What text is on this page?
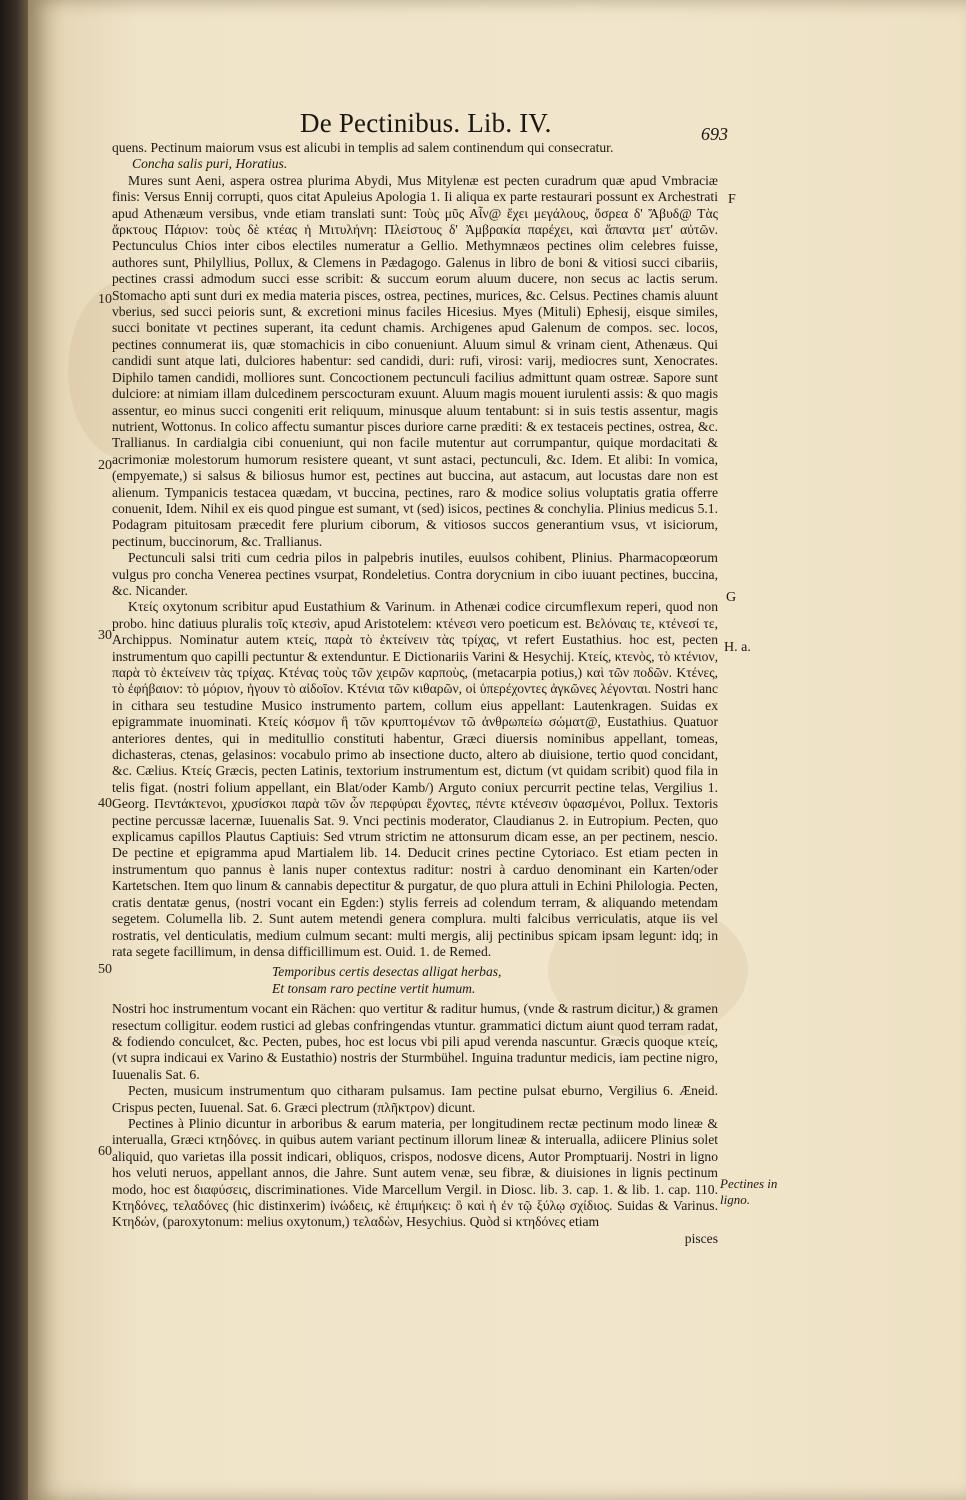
De Pectinibus. Lib. IV.	693
10
20
30
40
50
60
F
G
H. a.
Pectines in ligno.

quens. Pectinum maiorum vsus est alicubi in templis ad salem continendum qui consecratur.

Concha salis puri, Horatius.

Mures sunt Aeni, aspera ostrea plurima Abydi, Mus Mitylenæ est pecten curadrum quæ apud Vmbraciæ finis: Versus Ennij corrupti, quos citat Apuleius Apologia 1. Ii aliqua ex parte restaurari possunt ex Archestrati apud Athenæum versibus, vnde etiam translati sunt: Τοὺς μῦς Αἶν@ ἔχει μεγάλους, ὄσρεα δ' Ἄβυδ@ Τὰς ἄρκτους Πάριον: τοὺς δὲ κτέας ἡ Μιτυλήνη: Πλείστους δ' Ἀμβρακία παρέχει, καὶ ἅπαντα μετ' αὐτῶν. Pectunculus Chios inter cibos electiles numeratur a Gellio. Methymnæos pectines olim celebres fuisse, authores sunt, Philyllius, Pollux, & Clemens in Pædagogo. Galenus in libro de boni & vitiosi succi cibariis, pectines crassi admodum succi esse scribit: & succum eorum aluum ducere, non secus ac lactis serum. Stomacho apti sunt duri ex media materia pisces, ostrea, pectines, murices, &c. Celsus. Pectines chamis aluunt vberius, sed succi peioris sunt, & excretioni minus faciles Hicesius. Myes (Mituli) Ephesij, eisque similes, succi bonitate vt pectines superant, ita cedunt chamis. Archigenes apud Galenum de compos. sec. locos, pectines connumerat iis, quæ stomachicis in cibo conueniunt. Aluum simul & vrinam cient, Athenæus. Qui candidi sunt atque lati, dulciores habentur: sed candidi, duri: rufi, virosi: varij, mediocres sunt, Xenocrates. Diphilo tamen candidi, molliores sunt. Concoctionem pectunculi facilius admittunt quam ostreæ. Sapore sunt dulciore: at nimiam illam dulcedinem perscocturam exuunt. Aluum magis mouent iurulenti assis: & quo magis assentur, eo minus succi congeniti erit reliquum, minusque aluum tentabunt: si in suis testis assentur, magis nutrient, Wottonus. In colico affectu sumantur pisces duriore carne præditi: & ex testaceis pectines, ostrea, &c. Trallianus. In cardialgia cibi conueniunt, qui non facile mutentur aut corrumpantur, quique mordacitati & acrimoniæ molestorum humorum resistere queant, vt sunt astaci, pectunculi, &c. Idem. Et alibi: In vomica, (empyemate,) si salsus & biliosus humor est, pectines aut buccina, aut astacum, aut locustas dare non est alienum. Tympanicis testacea quædam, vt buccina, pectines, raro & modice solius voluptatis gratia offerre conuenit, Idem. Nihil ex eis quod pingue est sumant, vt (sed) isicos, pectines & conchylia. Plinius medicus 5.1. Podagram pituitosam præcedit fere plurium ciborum, & vitiosos succos generantium vsus, vt isiciorum, pectinum, buccinorum, &c. Trallianus.

Pectunculi salsi triti cum cedria pilos in palpebris inutiles, euulsos cohibent, Plinius. Pharmacopœorum vulgus pro concha Venerea pectines vsurpat, Rondeletius. Contra dorycnium in cibo iuuant pectines, buccina, &c. Nicander.

Κτείς oxytonum scribitur apud Eustathium & Varinum. in Athenæi codice circumflexum reperi, quod non probo. hinc datiuus pluralis τοῖς κτεσὶν, apud Aristotelem: κτένεσι vero poeticum est. Βελόναις τε, κτένεσί τε, Archippus. Nominatur autem κτείς, παρὰ τὸ ἐκτείνειν τὰς τρίχας, vt refert Eustathius. hoc est, pecten instrumentum quo capilli pectuntur & extenduntur. E Dictionariis Varini & Hesychij. Κτείς, κτενὸς, τὸ κτένιον, παρὰ τὸ ἐκτείνειν τὰς τρίχας. Κτένας τοὺς τῶν χειρῶν καρποὺς, (metacarpia potius,) καὶ τῶν ποδῶν. Κτένες, τὸ ἐφήβαιον: τὸ μόριον, ἡγουν τὸ αἰδοῖον. Κτένια τῶν κιθαρῶν, οἱ ὑπερέχοντες ἀγκῶνες λέγονται. Nostri hanc in cithara seu testudine Musico instrumento partem, collum eius appellant: Lautenkragen. Suidas ex epigrammate inuominati. Κτείς κόσμον ἢ τῶν κρυπτομένων τῶ ἀνθρωπείω σώματ@, Eustathius. Quatuor anteriores dentes, qui in meditullio constituti habentur, Græci diuersis nominibus appellant, tomeas, dichasteras, ctenas, gelasinos: vocabulo primo ab insectione ducto, altero ab diuisione, tertio quod concidant, &c. Cælius. Κτείς Græcis, pecten Latinis, textorium instrumentum est, dictum (vt quidam scribit) quod fila in telis figat. (nostri folium appellant, ein Blat/oder Kamb/) Arguto coniux percurrit pectine telas, Vergilius 1. Georg. Πεντάκτενοι, χρυσίσκοι παρὰ τῶν ὧν περφύραι ἔχοντες, πέντε κτένεσιν ὑφασμένοι, Pollux. Textoris pectine percussæ lacernæ, Iuuenalis Sat. 9. Vnci pectinis moderator, Claudianus 2. in Eutropium. Pecten, quo explicamus capillos Plautus Captiuis: Sed vtrum strictim ne attonsurum dicam esse, an per pectinem, nescio. De pectine et epigramma apud Martialem lib. 14. Deducit crines pectine Cytoriaco. Est etiam pecten in instrumentum quo pannus è lanis nuper contextus raditur: nostri à carduo denominant ein Karten/oder Kartetschen. Item quo linum & cannabis depectitur & purgatur, de quo plura attuli in Echini Philologia. Pecten, cratis dentatæ genus, (nostri vocant ein Egden:) stylis ferreis ad colendum terram, & aliquando metendam segetem. Columella lib. 2. Sunt autem metendi genera complura. multi falcibus verriculatis, atque iis vel rostratis, vel denticulatis, medium culmum secant: multi mergis, alij pectinibus spicam ipsam legunt: idq; in rata segete facillimum, in densa difficillimum est. Ouid. 1. de Remed.

Temporibus certis desectas alligat herbas,

Et tonsam raro pectine vertit humum.

Nostri hoc instrumentum vocant ein Rächen: quo vertitur & raditur humus, (vnde & rastrum dicitur,) & gramen resectum colligitur. eodem rustici ad glebas confringendas vtuntur. grammatici dictum aiunt quod terram radat, & fodiendo conculcet, &c. Pecten, pubes, hoc est locus vbi pili apud verenda nascuntur. Græcis quoque κτείς, (vt supra indicaui ex Varino & Eustathio) nostris der Sturmbühel. Inguina traduntur medicis, iam pectine nigro, Iuuenalis Sat. 6.

Pecten, musicum instrumentum quo citharam pulsamus. Iam pectine pulsat eburno, Vergilius 6. Æneid. Crispus pecten, Iuuenal. Sat. 6. Græci plectrum (πλῆκτρον) dicunt.

Pectines à Plinio dicuntur in arboribus & earum materia, per longitudinem rectæ pectinum modo lineæ & interualla, Græci κτηδόνες. in quibus autem variant pectinum illorum lineæ & interualla, adiicere Plinius solet aliquid, quo varietas illa possit indicari, obliquos, crispos, nodosve dicens, Autor Promptuarij. Nostri in ligno hos veluti neruos, appellant annos, die Jahre. Sunt autem venæ, seu fibræ, & diuisiones in lignis pectinum modo, hoc est διαφύσεις, discriminationes. Vide Marcellum Vergil. in Diosc. lib. 3. cap. 1. & lib. 1. cap. 110. Κτηδόνες, τελαδόνες (hic distinxerim) ἰνώδεις, κὲ ἐπιμήκεις: ὃ καὶ ἡ ἐν τῷ ξύλῳ σχίδιος. Suidas & Varinus. Κτηδών, (paroxytonum: melius oxytonum,) τελαδὼν, Hesychius. Quòd si κτηδόνες etiam

pisces
